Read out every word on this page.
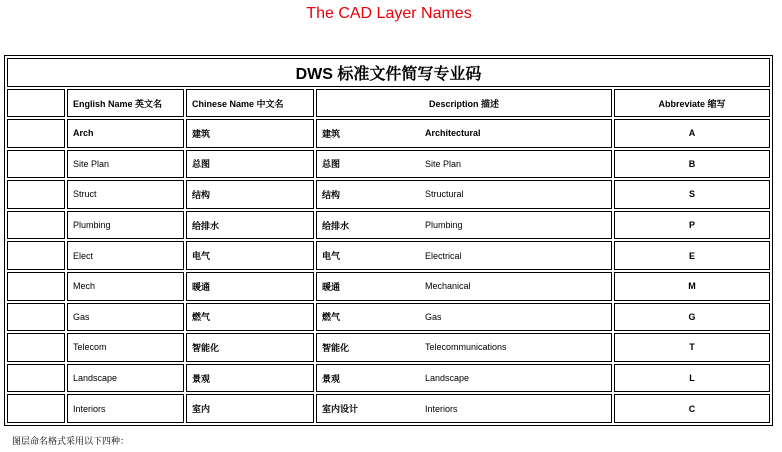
The CAD Layer Names
DWS 标准文件简写专业码				
	English Name 英文名	Chinese Name 中文名	Description 描述	Abbreviate 缩写
	Arch	建筑	建筑 Architectural	A
	Site Plan	总图	总图 Site Plan	B
	Struct	结构	结构 Structural	S
	Plumbing	给排水	给排水 Plumbing	P
	Elect	电气	电气 Electrical	E
	Mech	暖通	暖通 Mechanical	M
	Gas	燃气	燃气 Gas	G
	Telecom	智能化	智能化 Telecommunications	T
	Landscape	景观	景观 Landscape	L
	Interiors	室内	室内设计 Interiors	C
图层命名格式采用以下四种：
